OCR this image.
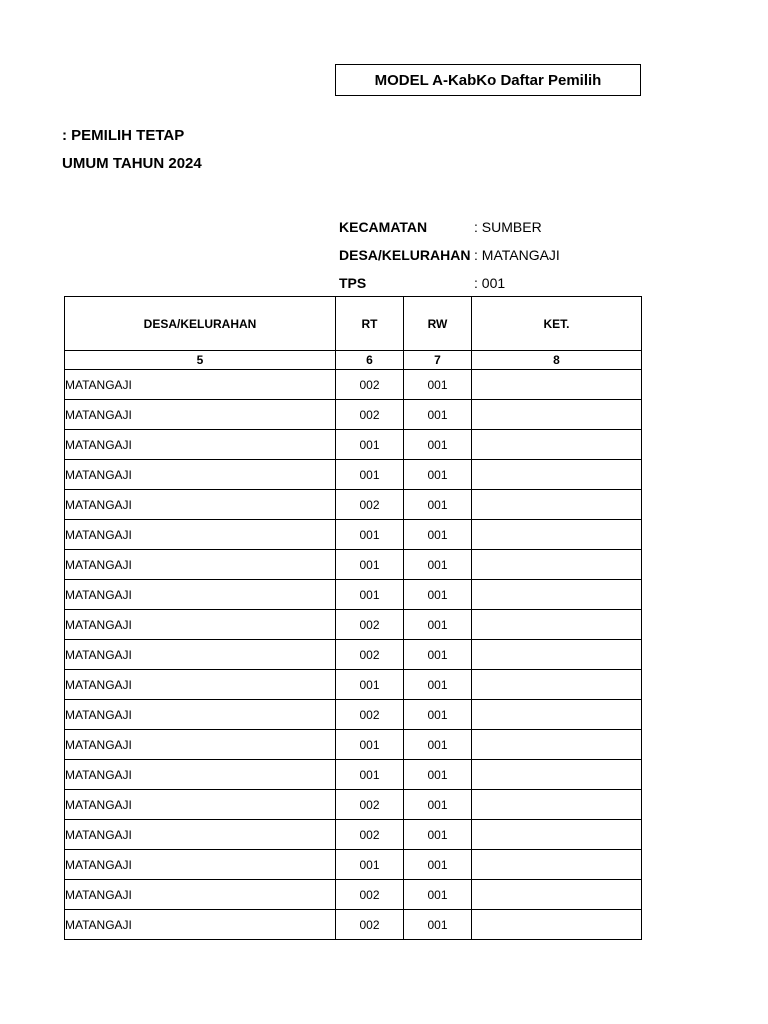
MODEL A-KabKo Daftar Pemilih
: PEMILIH TETAP
UMUM TAHUN 2024
KECAMATAN	: SUMBER
DESA/KELURAHAN : MATANGAJI
TPS	: 001
DESA/KELURAHAN	RT	RW	KET.
5	6	7	8
MATANGAJI	002	001	
MATANGAJI	002	001	
MATANGAJI	001	001	
MATANGAJI	001	001	
MATANGAJI	002	001	
MATANGAJI	001	001	
MATANGAJI	001	001	
MATANGAJI	001	001	
MATANGAJI	002	001	
MATANGAJI	002	001	
MATANGAJI	001	001	
MATANGAJI	002	001	
MATANGAJI	001	001	
MATANGAJI	001	001	
MATANGAJI	002	001	
MATANGAJI	002	001	
MATANGAJI	001	001	
MATANGAJI	002	001	
MATANGAJI	002	001	
